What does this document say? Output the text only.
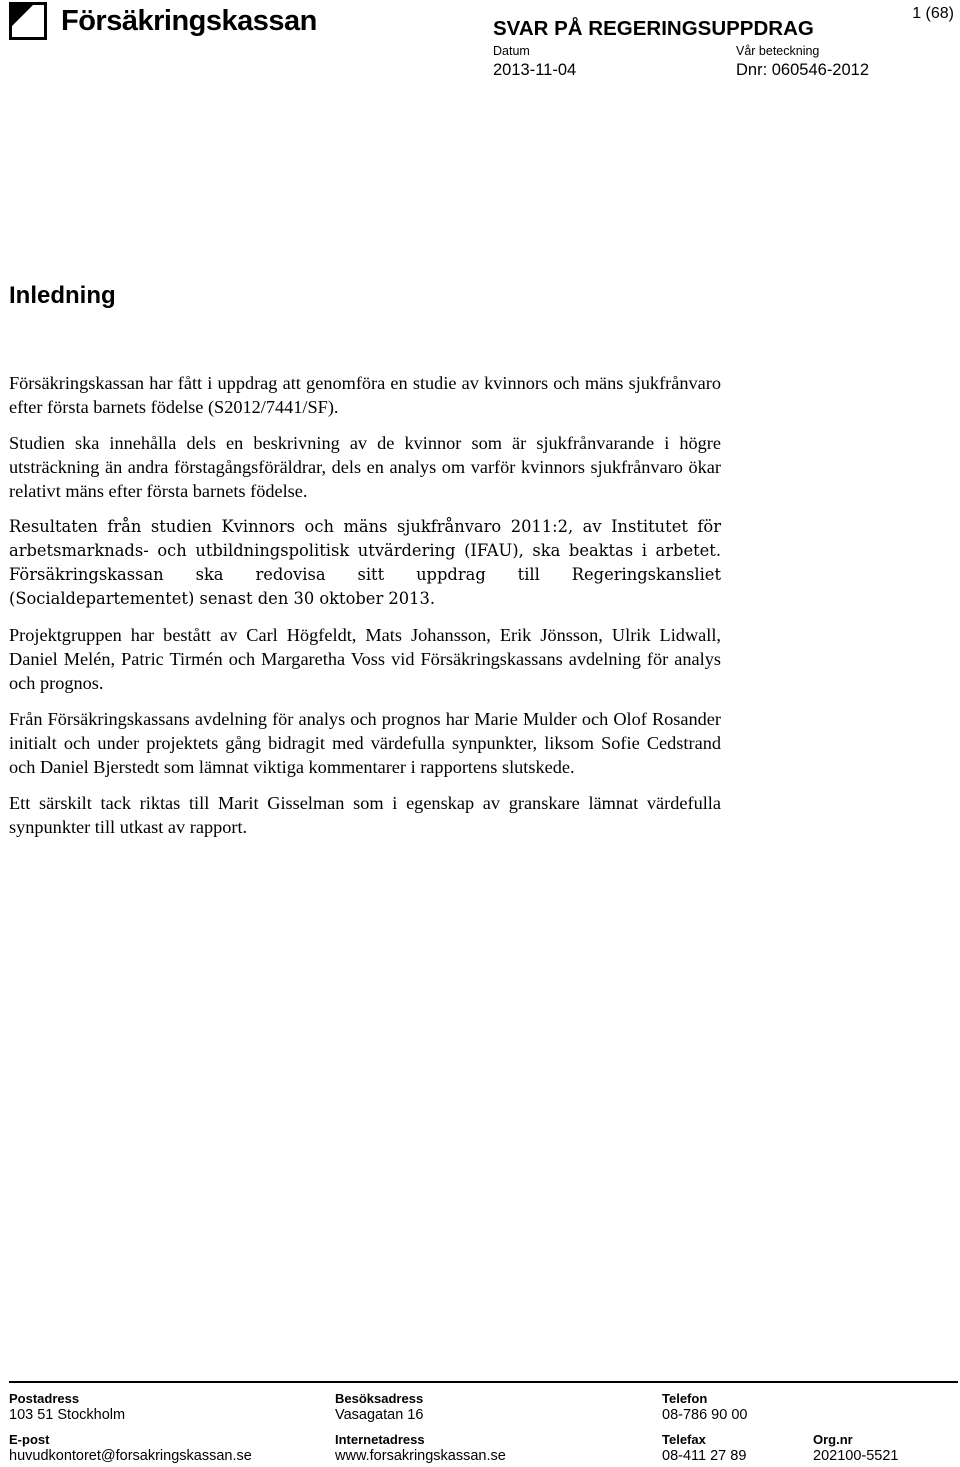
Försäkringskassan	SVAR PÅ REGERINGSUPPDRAG
Datum
2013-11-04
Vår beteckning
Dnr: 060546-2012
1 (68)
Inledning

Försäkringskassan har fått i uppdrag att genomföra en studie av kvinnors och mäns sjukfrånvaro efter första barnets födelse (S2012/7441/SF).

Studien ska innehålla dels en beskrivning av de kvinnor som är sjukfrånvarande i högre utsträckning än andra förstagångsföräldrar, dels en analys om varför kvinnors sjukfrånvaro ökar relativt mäns efter första barnets födelse.

Resultaten från studien Kvinnors och mäns sjukfrånvaro 2011:2, av Institutet för arbetsmarknads- och utbildningspolitisk utvärdering (IFAU), ska beaktas i arbetet. Försäkringskassan ska redovisa sitt uppdrag till Regeringskansliet (Socialdepartementet) senast den 30 oktober 2013.

Projektgruppen har bestått av Carl Högfeldt, Mats Johansson, Erik Jönsson, Ulrik Lidwall, Daniel Melén, Patric Tirmén och Margaretha Voss vid Försäkringskassans avdelning för analys och prognos.

Från Försäkringskassans avdelning för analys och prognos har Marie Mulder och Olof Rosander initialt och under projektets gång bidragit med värdefulla synpunkter, liksom Sofie Cedstrand och Daniel Bjerstedt som lämnat viktiga kommentarer i rapportens slutskede.

Ett särskilt tack riktas till Marit Gisselman som i egenskap av granskare lämnat värdefulla synpunkter till utkast av rapport.

Postadress
103 51 Stockholm
Besöksadress
Vasagatan 16
Telefon
08-786 90 00
E-post
huvudkontoret@forsakringskassan.se
Internetadress
www.forsakringskassan.se
Telefax
08-411 27 89
Org.nr
202100-5521
